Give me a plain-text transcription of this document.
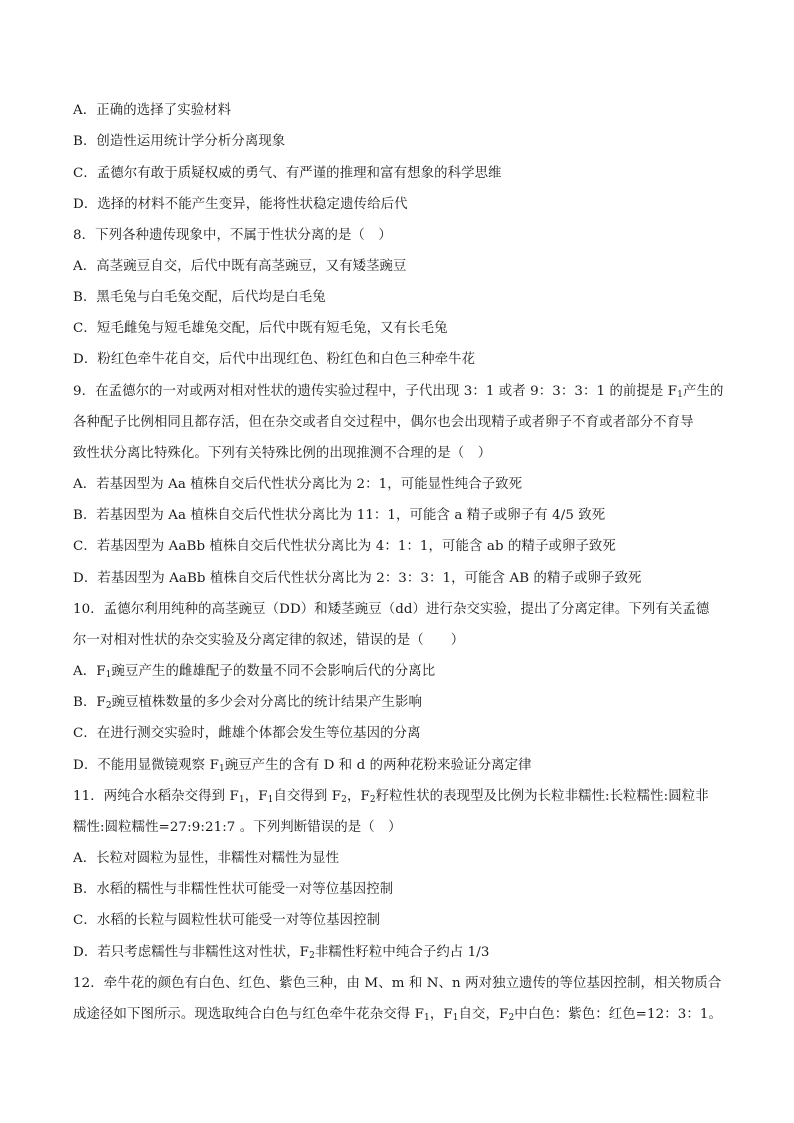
A．正确的选择了实验材料
B．创造性运用统计学分析分离现象
C．孟德尔有敢于质疑权威的勇气、有严谨的推理和富有想象的科学思维
D．选择的材料不能产生变异，能将性状稳定遗传给后代
8．下列各种遗传现象中，不属于性状分离的是（　）
A．高茎豌豆自交，后代中既有高茎豌豆，又有矮茎豌豆
B．黑毛兔与白毛兔交配，后代均是白毛兔
C．短毛雌兔与短毛雄兔交配，后代中既有短毛兔，又有长毛兔
D．粉红色牵牛花自交，后代中出现红色、粉红色和白色三种牵牛花
9．在孟德尔的一对或两对相对性状的遗传实验过程中，子代出现 3：1 或者 9：3：3：1 的前提是 $F_1$产生的
各种配子比例相同且都存活，但在杂交或者自交过程中，偶尔也会出现精子或者卵子不育或者部分不育导
致性状分离比特殊化。下列有关特殊比例的出现推测不合理的是（　）
A．若基因型为 Aa 植株自交后代性状分离比为 2：1，可能显性纯合子致死
B．若基因型为 Aa 植株自交后代性状分离比为 11：1，可能含 a 精子或卵子有 4/5 致死
C．若基因型为 AaBb 植株自交后代性状分离比为 4：1：1，可能含 ab 的精子或卵子致死
D．若基因型为 AaBb 植株自交后代性状分离比为 2：3：3：1，可能含 AB 的精子或卵子致死
10．孟德尔利用纯种的高茎豌豆（DD）和矮茎豌豆（dd）进行杂交实验，提出了分离定律。下列有关孟德
尔一对相对性状的杂交实验及分离定律的叙述，错误的是（　　）
A．$F_1$豌豆产生的雌雄配子的数量不同不会影响后代的分离比
B．$F_2$豌豆植株数量的多少会对分离比的统计结果产生影响
C．在进行测交实验时，雌雄个体都会发生等位基因的分离
D．不能用显微镜观察 $F_1$豌豆产生的含有 D 和 d 的两种花粉来验证分离定律
11．两纯合水稻杂交得到 $F_1$，$F_1$自交得到 $F_2$，$F_2$籽粒性状的表现型及比例为长粒非糯性:长粒糯性:圆粒非
糯性:圆粒糯性=27:9:21:7 。下列判断错误的是（　）
A．长粒对圆粒为显性，非糯性对糯性为显性
B．水稻的糯性与非糯性性状可能受一对等位基因控制
C．水稻的长粒与圆粒性状可能受一对等位基因控制
D．若只考虑糯性与非糯性这对性状，$F_2$非糯性籽粒中纯合子约占 1/3
12．牵牛花的颜色有白色、红色、紫色三种，由 M、m 和 N、n 两对独立遗传的等位基因控制，相关物质合
成途径如下图所示。现选取纯合白色与红色牵牛花杂交得 $F_1$，$F_1$自交，$F_2$中白色：紫色：红色=12：3：1。
